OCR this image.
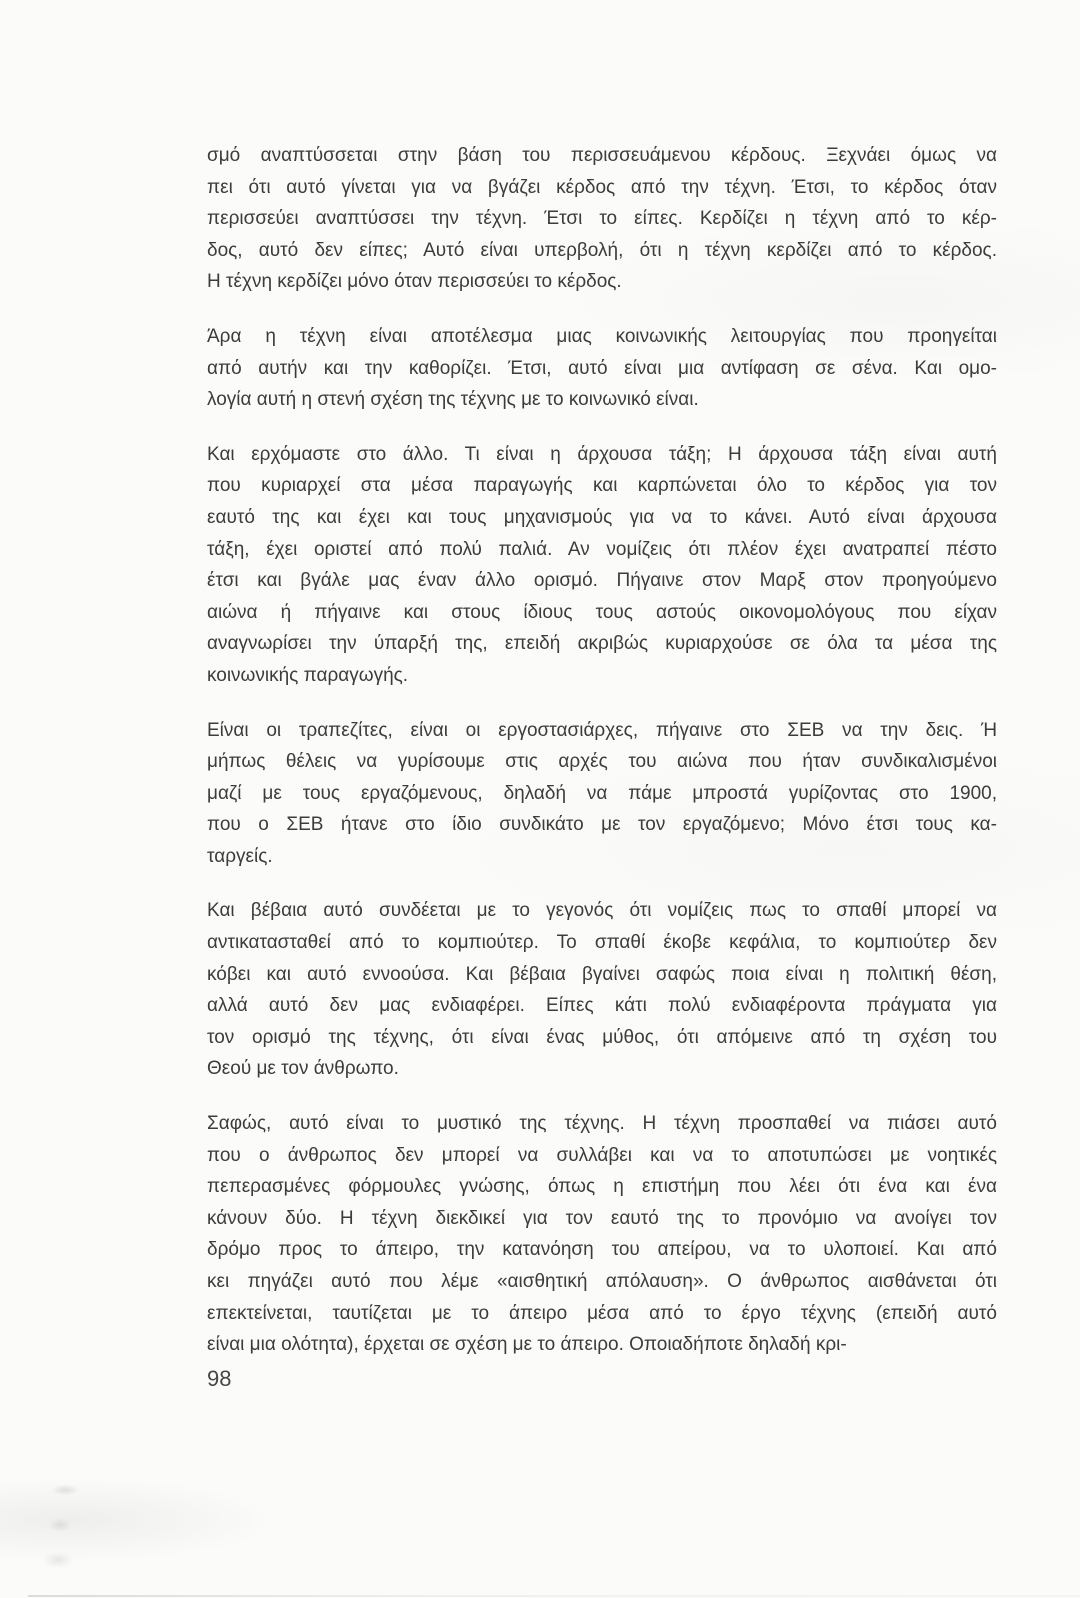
σμό αναπτύσσεται στην βάση του περισσευάμενου κέρδους. Ξεχνάει όμως να
πει ότι αυτό γίνεται για να βγάζει κέρδος από την τέχνη. Έτσι, το κέρδος όταν
περισσεύει αναπτύσσει την τέχνη. Έτσι το είπες. Κερδίζει η τέχνη από το κέρ-
δος, αυτό δεν είπες; Αυτό είναι υπερβολή, ότι η τέχνη κερδίζει από το κέρδος.
Η τέχνη κερδίζει μόνο όταν περισσεύει το κέρδος.
Άρα η τέχνη είναι αποτέλεσμα μιας κοινωνικής λειτουργίας που προηγείται
από αυτήν και την καθορίζει. Έτσι, αυτό είναι μια αντίφαση σε σένα. Και ομο-
λογία αυτή η στενή σχέση της τέχνης με το κοινωνικό είναι.
Και ερχόμαστε στο άλλο. Τι είναι η άρχουσα τάξη; Η άρχουσα τάξη είναι αυτή
που κυριαρχεί στα μέσα παραγωγής και καρπώνεται όλο το κέρδος για τον
εαυτό της και έχει και τους μηχανισμούς για να το κάνει. Αυτό είναι άρχουσα
τάξη, έχει οριστεί από πολύ παλιά. Αν νομίζεις ότι πλέον έχει ανατραπεί πέστο
έτσι και βγάλε μας έναν άλλο ορισμό. Πήγαινε στον Μαρξ στον προηγούμενο
αιώνα ή πήγαινε και στους ίδιους τους αστούς οικονομολόγους που είχαν
αναγνωρίσει την ύπαρξή της, επειδή ακριβώς κυριαρχούσε σε όλα τα μέσα της
κοινωνικής παραγωγής.
Είναι οι τραπεζίτες, είναι οι εργοστασιάρχες, πήγαινε στο ΣΕΒ να την δεις. Ή
μήπως θέλεις να γυρίσουμε στις αρχές του αιώνα που ήταν συνδικαλισμένοι
μαζί με τους εργαζόμενους, δηλαδή να πάμε μπροστά γυρίζοντας στο 1900,
που ο ΣΕΒ ήτανε στο ίδιο συνδικάτο με τον εργαζόμενο; Μόνο έτσι τους κα-
ταργείς.
Και βέβαια αυτό συνδέεται με το γεγονός ότι νομίζεις πως το σπαθί μπορεί να
αντικατασταθεί από το κομπιούτερ. Το σπαθί έκοβε κεφάλια, το κομπιούτερ δεν
κόβει και αυτό εννοούσα. Και βέβαια βγαίνει σαφώς ποια είναι η πολιτική θέση,
αλλά αυτό δεν μας ενδιαφέρει. Είπες κάτι πολύ ενδιαφέροντα πράγματα για
τον ορισμό της τέχνης, ότι είναι ένας μύθος, ότι απόμεινε από τη σχέση του
Θεού με τον άνθρωπο.
Σαφώς, αυτό είναι το μυστικό της τέχνης. Η τέχνη προσπαθεί να πιάσει αυτό
που ο άνθρωπος δεν μπορεί να συλλάβει και να το αποτυπώσει με νοητικές
πεπερασμένες φόρμουλες γνώσης, όπως η επιστήμη που λέει ότι ένα και ένα
κάνουν δύο. Η τέχνη διεκδικεί για τον εαυτό της το προνόμιο να ανοίγει τον
δρόμο προς το άπειρο, την κατανόηση του απείρου, να το υλοποιεί. Και από
κει πηγάζει αυτό που λέμε «αισθητική απόλαυση». Ο άνθρωπος αισθάνεται ότι
επεκτείνεται, ταυτίζεται με το άπειρο μέσα από το έργο τέχνης (επειδή αυτό
είναι μια ολότητα), έρχεται σε σχέση με το άπειρο. Οποιαδήποτε δηλαδή κρι-
98
